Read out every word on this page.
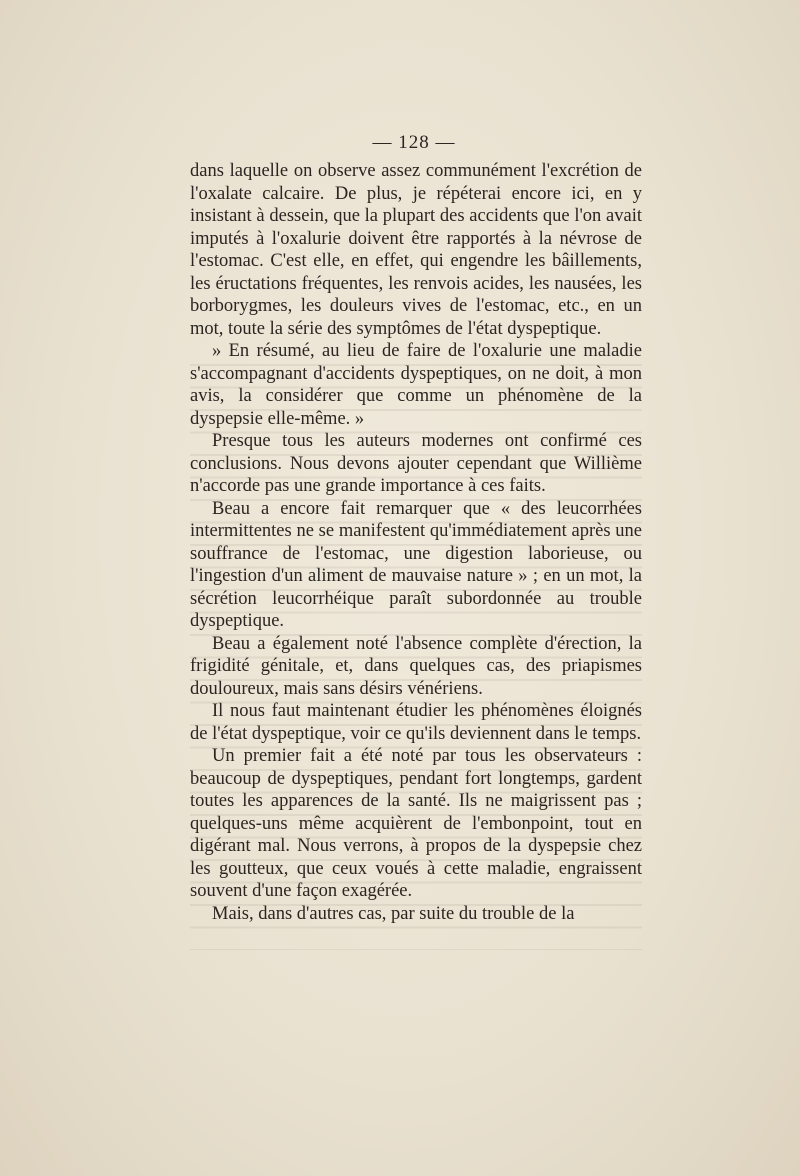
— 128 —

dans laquelle on observe assez communément l'excrétion de l'oxalate calcaire. De plus, je répéterai encore ici, en y insistant à dessein, que la plupart des accidents que l'on avait imputés à l'oxalurie doivent être rapportés à la névrose de l'estomac. C'est elle, en effet, qui engendre les bâillements, les éructations fréquentes, les renvois acides, les nausées, les borborygmes, les douleurs vives de l'estomac, etc., en un mot, toute la série des symptômes de l'état dyspeptique.

» En résumé, au lieu de faire de l'oxalurie une maladie s'accompagnant d'accidents dyspeptiques, on ne doit, à mon avis, la considérer que comme un phénomène de la dyspepsie elle-même. »

Presque tous les auteurs modernes ont confirmé ces conclusions. Nous devons ajouter cependant que Willième n'accorde pas une grande importance à ces faits.

Beau a encore fait remarquer que « des leucorrhées intermittentes ne se manifestent qu'immédiatement après une souffrance de l'estomac, une digestion laborieuse, ou l'ingestion d'un aliment de mauvaise nature » ; en un mot, la sécrétion leucorrhéique paraît subordonnée au trouble dyspeptique.

Beau a également noté l'absence complète d'érection, la frigidité génitale, et, dans quelques cas, des priapismes douloureux, mais sans désirs vénériens.

Il nous faut maintenant étudier les phénomènes éloignés de l'état dyspeptique, voir ce qu'ils deviennent dans le temps.

Un premier fait a été noté par tous les observateurs : beaucoup de dyspeptiques, pendant fort longtemps, gardent toutes les apparences de la santé. Ils ne maigrissent pas ; quelques-uns même acquièrent de l'embonpoint, tout en digérant mal. Nous verrons, à propos de la dyspepsie chez les goutteux, que ceux voués à cette maladie, engraissent souvent d'une façon exagérée.

Mais, dans d'autres cas, par suite du trouble de la
